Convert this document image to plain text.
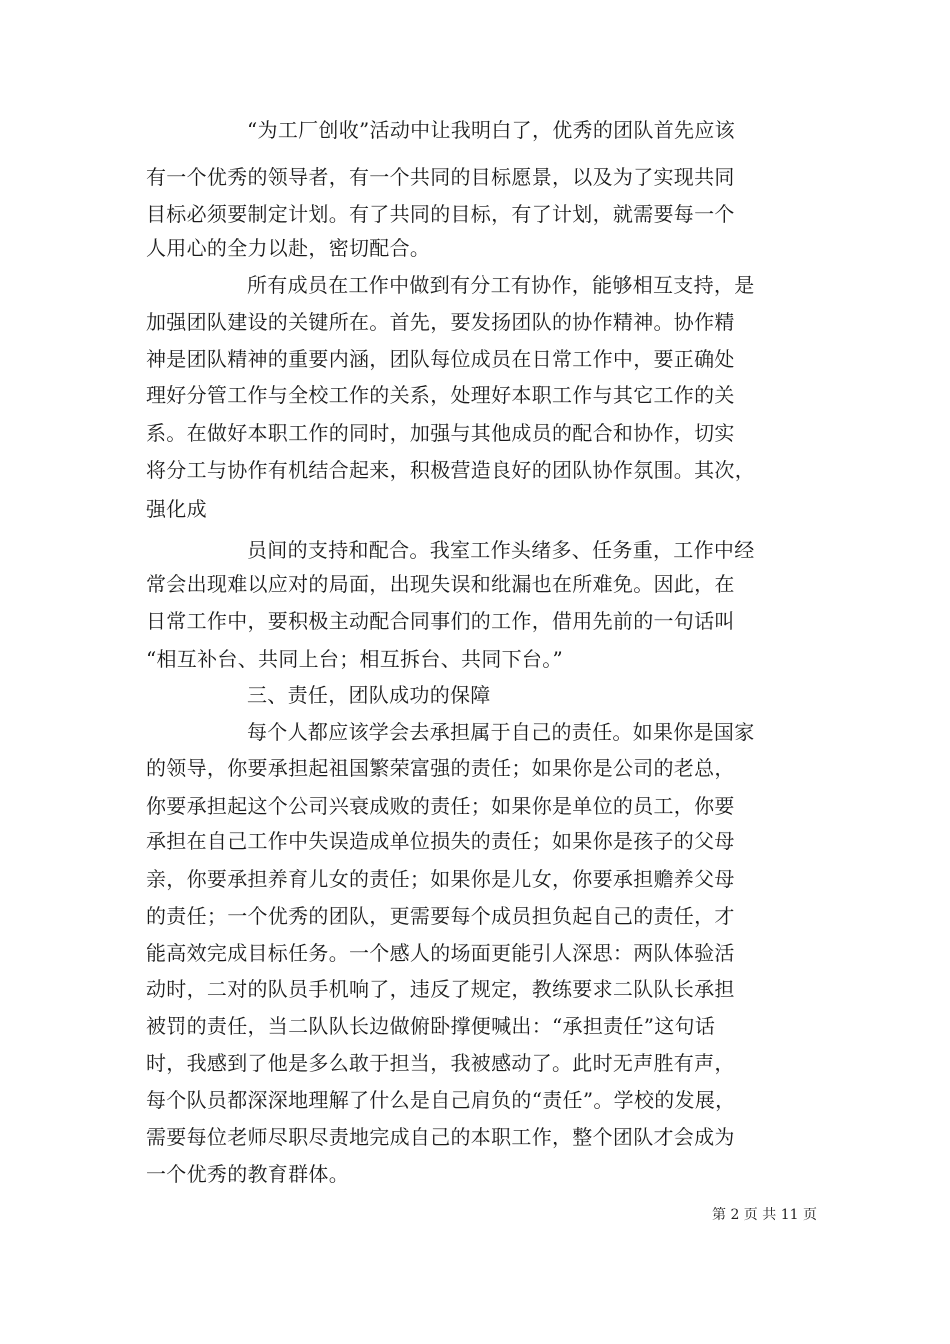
“为工厂创收”活动中让我明白了，优秀的团队首先应该
有一个优秀的领导者，有一个共同的目标愿景，以及为了实现共同
目标必须要制定计划。有了共同的目标，有了计划，就需要每一个
人用心的全力以赴，密切配合。
所有成员在工作中做到有分工有协作，能够相互支持，是
加强团队建设的关键所在。首先，要发扬团队的协作精神。协作精
神是团队精神的重要内涵，团队每位成员在日常工作中，要正确处
理好分管工作与全校工作的关系，处理好本职工作与其它工作的关
系。在做好本职工作的同时，加强与其他成员的配合和协作，切实
将分工与协作有机结合起来，积极营造良好的团队协作氛围。其次，
强化成
员间的支持和配合。我室工作头绪多、任务重，工作中经
常会出现难以应对的局面，出现失误和纰漏也在所难免。因此，在
日常工作中，要积极主动配合同事们的工作，借用先前的一句话叫
“相互补台、共同上台；相互拆台、共同下台。”
三、责任，团队成功的保障
每个人都应该学会去承担属于自己的责任。如果你是国家
的领导，你要承担起祖国繁荣富强的责任；如果你是公司的老总，
你要承担起这个公司兴衰成败的责任；如果你是单位的员工，你要
承担在自己工作中失误造成单位损失的责任；如果你是孩子的父母
亲，你要承担养育儿女的责任；如果你是儿女，你要承担赡养父母
的责任；一个优秀的团队，更需要每个成员担负起自己的责任，才
能高效完成目标任务。一个感人的场面更能引人深思：两队体验活
动时，二对的队员手机响了，违反了规定，教练要求二队队长承担
被罚的责任，当二队队长边做俯卧撑便喊出：“承担责任”这句话
时，我感到了他是多么敢于担当，我被感动了。此时无声胜有声，
每个队员都深深地理解了什么是自己肩负的“责任”。学校的发展，
需要每位老师尽职尽责地完成自己的本职工作，整个团队才会成为
一个优秀的教育群体。
第 2 页 共 11 页
